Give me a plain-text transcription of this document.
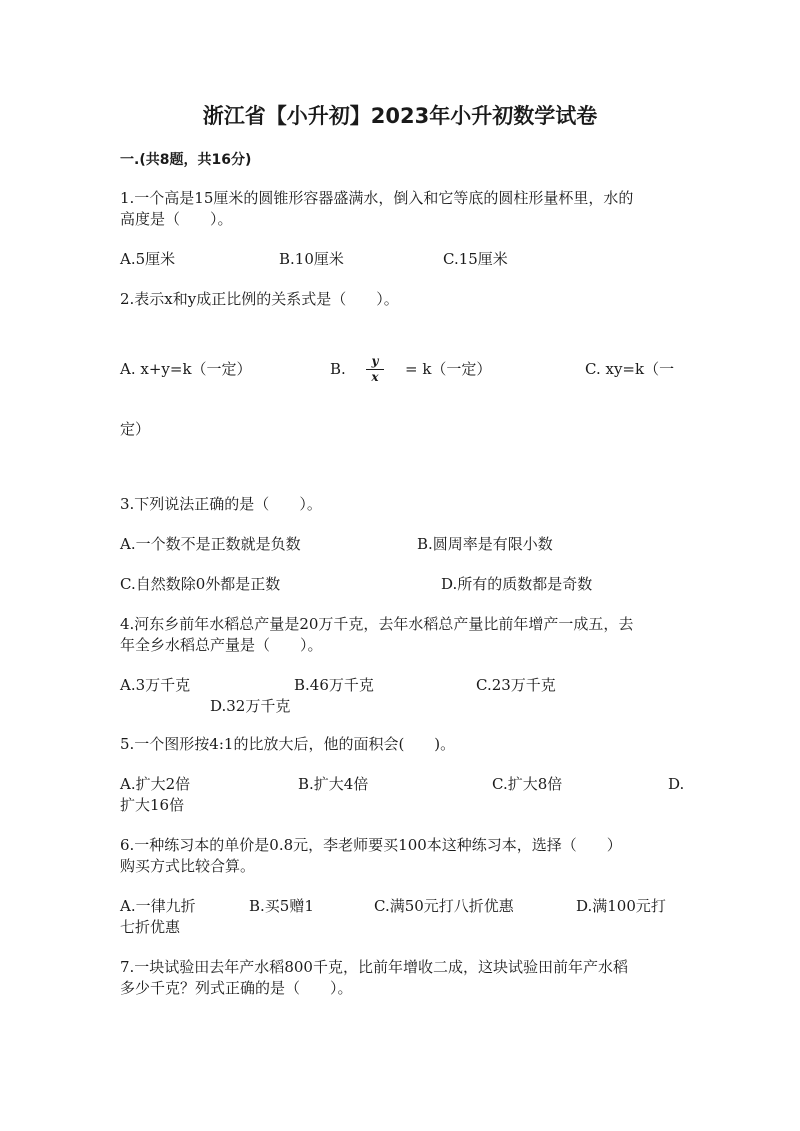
浙江省【小升初】2023年小升初数学试卷
一.(共8题，共16分)
1.一个高是15厘米的圆锥形容器盛满水，倒入和它等底的圆柱形量杯里，水的
高度是（　　）。
A.5厘米	B.10厘米	C.15厘米
2.表示x和y成正比例的关系式是（　　）。
A. x+y=k（一定）	B.	y
x	= k（一定）	C. xy=k（一
定）
3.下列说法正确的是（　　）。
A.一个数不是正数就是负数	B.圆周率是有限小数
C.自然数除0外都是正数	D.所有的质数都是奇数
4.河东乡前年水稻总产量是20万千克，去年水稻总产量比前年增产一成五，去
年全乡水稻总产量是（　　）。
A.3万千克	B.46万千克	C.23万千克
D.32万千克
5.一个图形按4:1的比放大后，他的面积会(　　)。
A.扩大2倍	B.扩大4倍	C.扩大8倍	D.
扩大16倍
6.一种练习本的单价是0.8元，李老师要买100本这种练习本，选择（　　）
购买方式比较合算。
A.一律九折	B.买5赠1	C.满50元打八折优惠	D.满100元打
七折优惠
7.一块试验田去年产水稻800千克，比前年增收二成，这块试验田前年产水稻
多少千克？列式正确的是（　　）。
